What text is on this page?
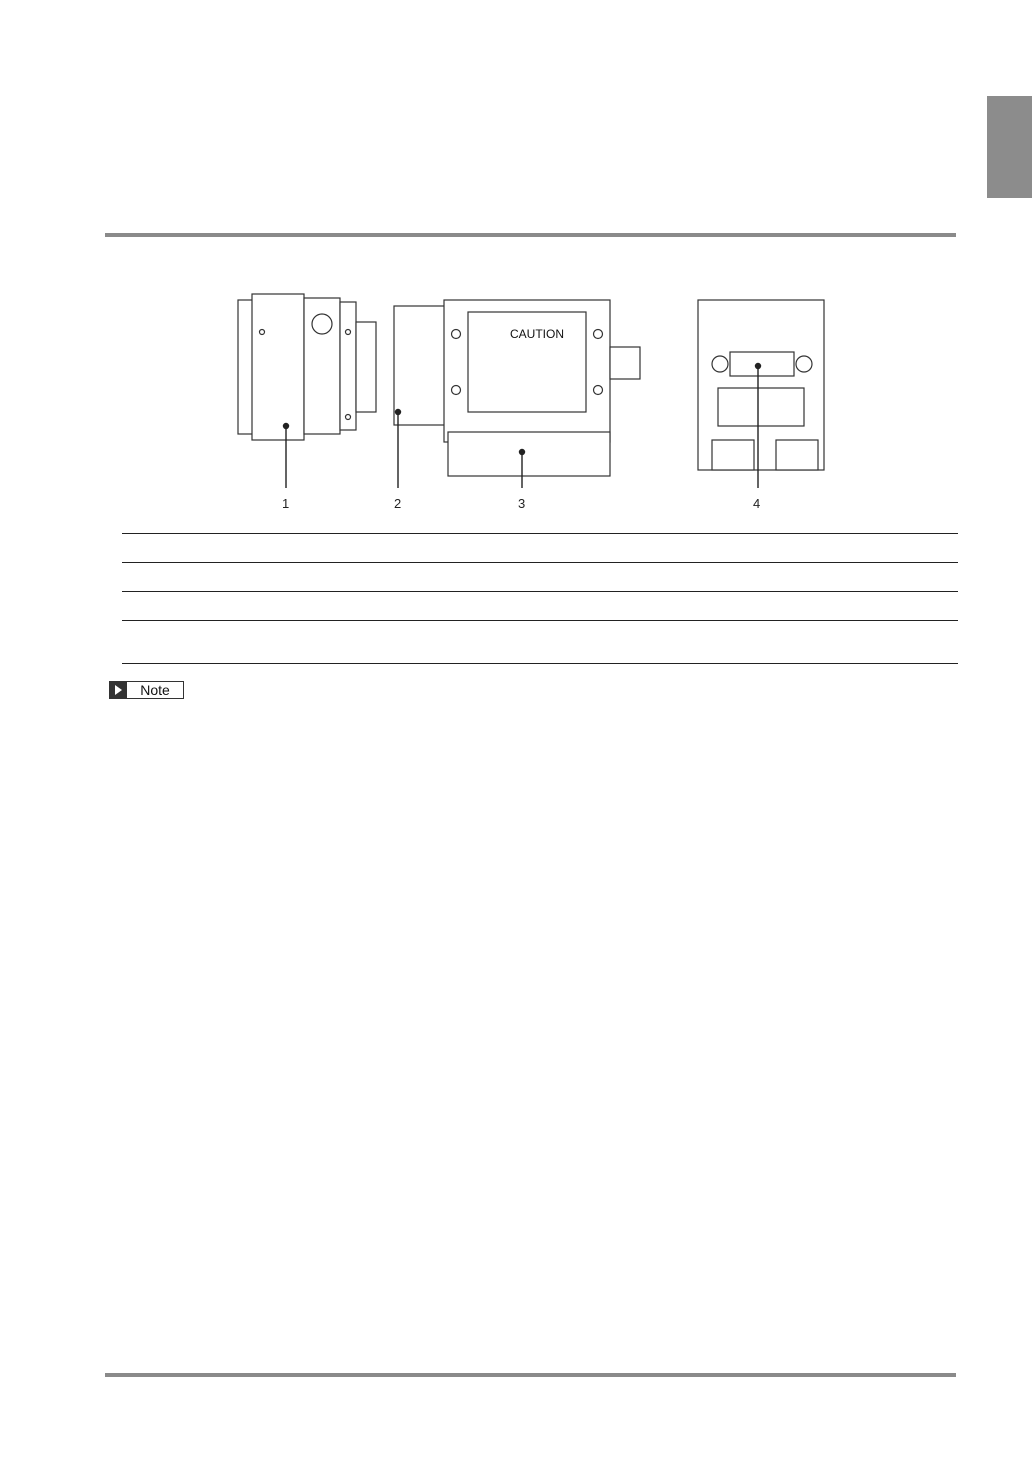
CAUTION
1	2	3	4
Note
